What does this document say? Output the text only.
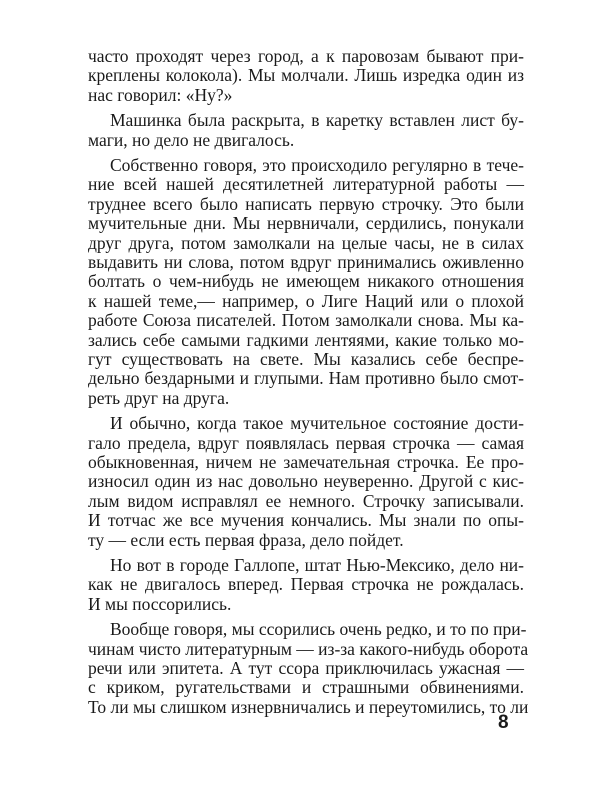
часто проходят через город, а к паровозам бывают при-
креплены колокола). Мы молчали. Лишь изредка один из
нас говорил: «Ну?»
Машинка была раскрыта, в каретку вставлен лист бу-
маги, но дело не двигалось.
Собственно говоря, это происходило регулярно в тече-
ние всей нашей десятилетней литературной работы —
труднее всего было написать первую строчку. Это были
мучительные дни. Мы нервничали, сердились, понукали
друг друга, потом замолкали на целые часы, не в силах
выдавить ни слова, потом вдруг принимались оживленно
болтать о чем-нибудь не имеющем никакого отношения
к нашей теме,— например, о Лиге Наций или о плохой
работе Союза писателей. Потом замолкали снова. Мы ка-
зались себе самыми гадкими лентяями, какие только мо-
гут существовать на свете. Мы казались себе беспре-
дельно бездарными и глупыми. Нам противно было смот-
реть друг на друга.
И обычно, когда такое мучительное состояние дости-
гало предела, вдруг появлялась первая строчка — самая
обыкновенная, ничем не замечательная строчка. Ее про-
износил один из нас довольно неуверенно. Другой с кис-
лым видом исправлял ее немного. Строчку записывали.
И тотчас же все мучения кончались. Мы знали по опы-
ту — если есть первая фраза, дело пойдет.
Но вот в городе Галлопе, штат Нью-Мексико, дело ни-
как не двигалось вперед. Первая строчка не рождалась.
И мы поссорились.
Вообще говоря, мы ссорились очень редко, и то по при-
чинам чисто литературным — из-за какого-нибудь оборота
речи или эпитета. А тут ссора приключилась ужасная —
с криком, ругательствами и страшными обвинениями.
То ли мы слишком изнервничались и переутомились, то ли
8
